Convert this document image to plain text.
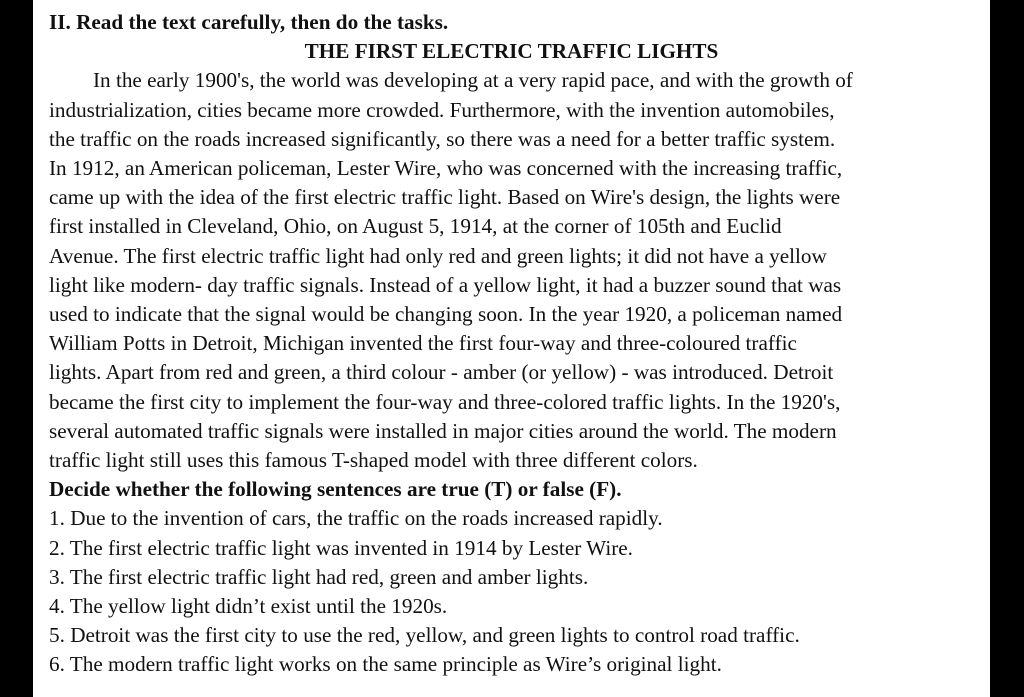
II. Read the text carefully, then do the tasks.

THE FIRST ELECTRIC TRAFFIC LIGHTS

In the early 1900's, the world was developing at a very rapid pace, and with the growth of

industrialization, cities became more crowded. Furthermore, with the invention automobiles,

the traffic on the roads increased significantly, so there was a need for a better traffic system.

In 1912, an American policeman, Lester Wire, who was concerned with the increasing traffic,

came up with the idea of the first electric traffic light. Based on Wire's design, the lights were

first installed in Cleveland, Ohio, on August 5, 1914, at the corner of 105th and Euclid

Avenue. The first electric traffic light had only red and green lights; it did not have a yellow

light like modern- day traffic signals. Instead of a yellow light, it had a buzzer sound that was

used to indicate that the signal would be changing soon. In the year 1920, a policeman named

William Potts in Detroit, Michigan invented the first four-way and three-coloured traffic

lights. Apart from red and green, a third colour - amber (or yellow) - was introduced. Detroit

became the first city to implement the four-way and three-colored traffic lights. In the 1920's,

several automated traffic signals were installed in major cities around the world. The modern

traffic light still uses this famous T-shaped model with three different colors.

Decide whether the following sentences are true (T) or false (F).

1. Due to the invention of cars, the traffic on the roads increased rapidly.

2. The first electric traffic light was invented in 1914 by Lester Wire.

3. The first electric traffic light had red, green and amber lights.

4. The yellow light didn’t exist until the 1920s.

5. Detroit was the first city to use the red, yellow, and green lights to control road traffic.

6. The modern traffic light works on the same principle as Wire’s original light.
